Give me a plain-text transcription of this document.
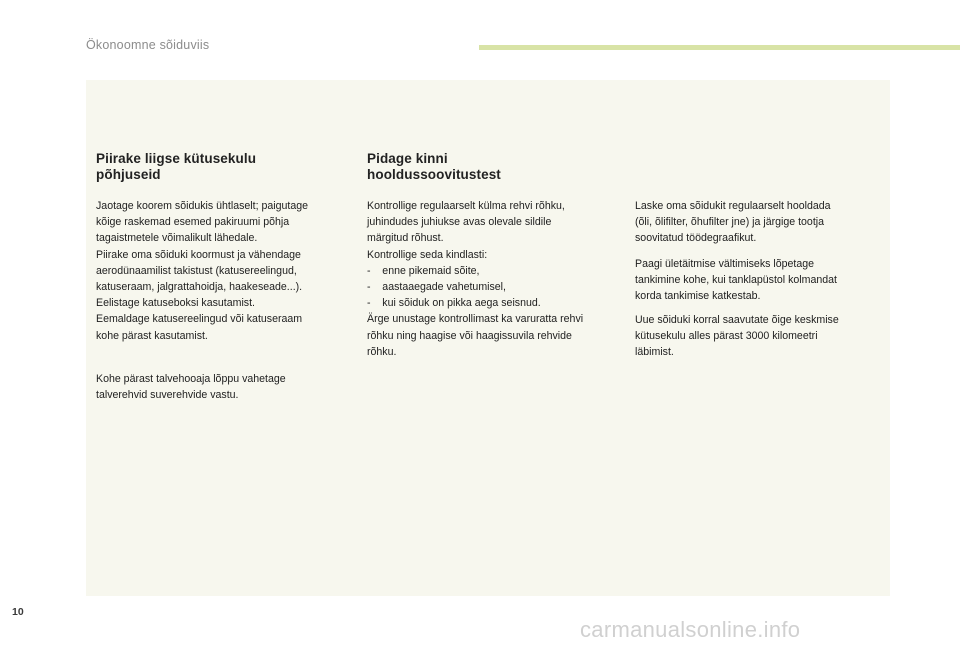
Ökonoomne sõiduviis
Piirake liigse kütusekulu
põhjuseid

Jaotage koorem sõidukis ühtlaselt; paigutage
kõige raskemad esemed pakiruumi põhja
tagaistmetele võimalikult lähedale.
Piirake oma sõiduki koormust ja vähendage
aerodünaamilist takistust (katusereelingud,
katuseraam, jalgrattahoidja, haakeseade...).
Eelistage katuseboksi kasutamist.
Eemaldage katusereelingud või katuseraam
kohe pärast kasutamist.

Kohe pärast talvehooaja lõppu vahetage
talverehvid suverehvide vastu.

Pidage kinni
hooldussoovitustest

Kontrollige regulaarselt külma rehvi rõhku,
juhindudes juhiukse avas olevale sildile
märgitud rõhust.
Kontrollige seda kindlasti:
-    enne pikemaid sõite,
-    aastaaegade vahetumisel,
-    kui sõiduk on pikka aega seisnud.
Ärge unustage kontrollimast ka varuratta rehvi
rõhku ning haagise või haagissuvila rehvide
rõhku.

Laske oma sõidukit regulaarselt hooldada
(õli, õlifilter, õhufilter jne) ja järgige tootja
soovitatud töödegraafikut.

Paagi ületäitmise vältimiseks lõpetage
tankimine kohe, kui tanklapüstol kolmandat
korda tankimise katkestab.

Uue sõiduki korral saavutate õige keskmise
kütusekulu alles pärast 3000 kilomeetri
läbimist.

10
carmanualsonline.info
